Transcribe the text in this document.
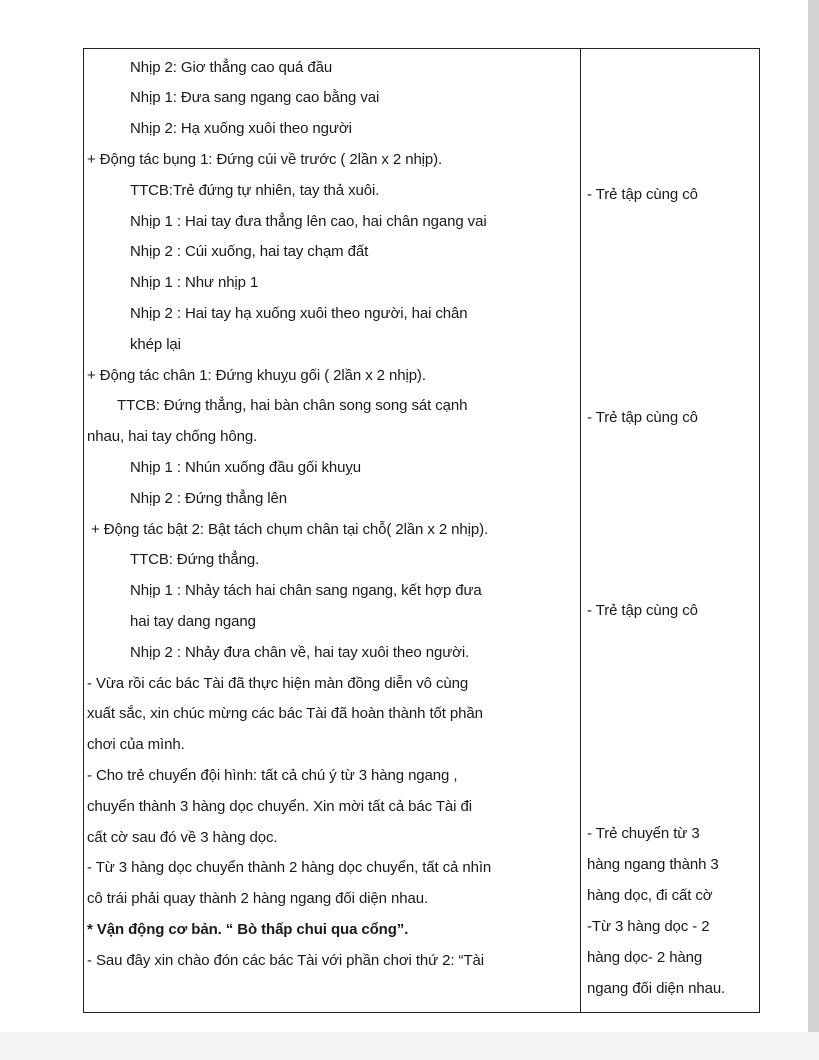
Nhịp 2: Giơ thẳng cao quá đầu
Nhịp 1: Đưa sang ngang cao bằng vai
Nhịp 2: Hạ xuống xuôi theo người
+ Động tác bụng 1: Đứng cúi về trước ( 2lần x 2 nhịp).
TTCB:Trẻ đứng tự nhiên, tay thả xuôi.
Nhịp 1 : Hai tay đưa thẳng lên cao, hai chân ngang vai
Nhịp 2 : Cúi xuống, hai tay chạm đất
Nhịp 1 : Như nhịp 1
Nhịp 2 : Hai tay hạ xuống xuôi theo người, hai chân
khép lại
+ Động tác chân 1: Đứng khuỵu gối ( 2lần x 2 nhịp).
TTCB: Đứng thẳng, hai bàn chân song song sát cạnh
nhau, hai tay chống hông.
Nhịp 1 : Nhún xuống đầu gối khuỵu
Nhịp 2 : Đứng thẳng lên
+ Động tác bật 2: Bật tách chụm chân tại chỗ( 2lần x 2 nhịp).
TTCB: Đứng thẳng.
Nhịp 1 : Nhảy tách hai chân sang ngang, kết hợp đưa
hai tay dang ngang
Nhịp 2 : Nhảy đưa chân về, hai tay xuôi theo người.
- Vừa rồi các bác Tài đã thực hiện màn đồng diễn vô cùng
xuất sắc, xin chúc mừng các bác Tài đã hoàn thành tốt phần
chơi của mình.
- Cho trẻ chuyển đội hình: tất cả chú ý từ 3 hàng ngang ,
chuyển thành 3 hàng dọc chuyển. Xin mời tất cả bác Tài đi
cất cờ sau đó về 3 hàng dọc.
- Từ 3 hàng dọc chuyển thành 2 hàng dọc chuyển, tất cả nhìn
cô trái phải quay thành 2 hàng ngang đối diện nhau.
* Vận động cơ bản. “ Bò thấp chui qua cổng”.
- Sau đây xin chào đón các bác Tài với phần chơi thứ 2: “Tài
- Trẻ tập cùng cô
- Trẻ tập cùng cô
- Trẻ tập cùng cô
- Trẻ chuyển từ 3
hàng ngang thành 3
hàng dọc, đi cất cờ
-Từ 3 hàng dọc - 2
hàng dọc- 2 hàng
ngang đối diện nhau.
